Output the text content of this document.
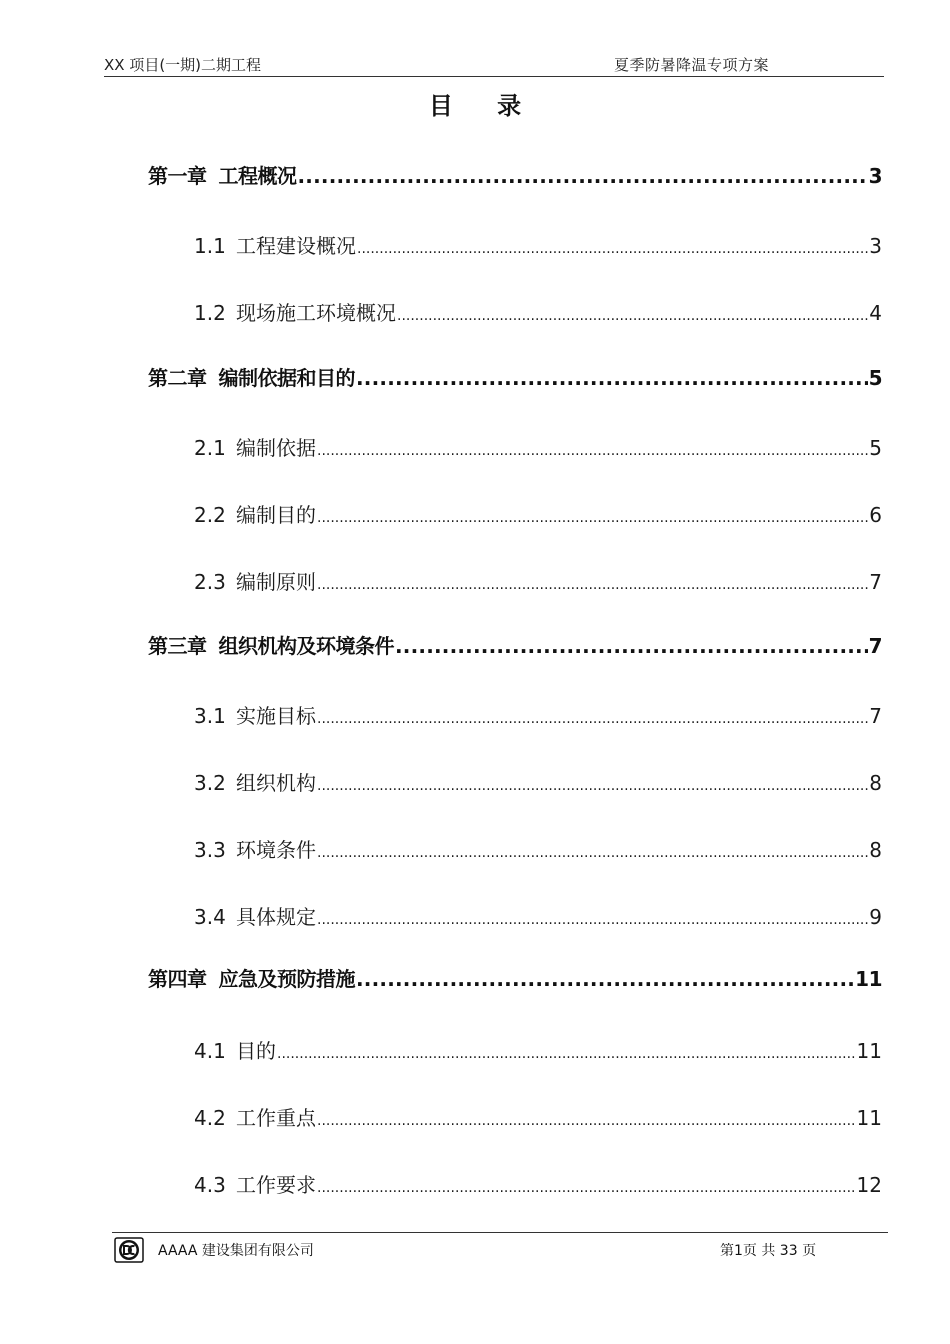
XX 项目(一期)二期工程	夏季防暑降温专项方案
目 录
第一章 工程概况 .....	3
1.1 工程建设概况 .....	3
1.2 现场施工环境概况 .....	4
第二章 编制依据和目的 .....	5
2.1 编制依据 .....	5
2.2 编制目的 .....	6
2.3 编制原则 .....	7
第三章 组织机构及环境条件 .....	7
3.1 实施目标 .....	7
3.2 组织机构 .....	8
3.3 环境条件 .....	8
3.4 具体规定 .....	9
第四章 应急及预防措施 .....	11
4.1 目的 .....	11
4.2 工作重点 .....	11
4.3 工作要求 .....	12
AAAA 建设集团有限公司	第1页 共 33 页
